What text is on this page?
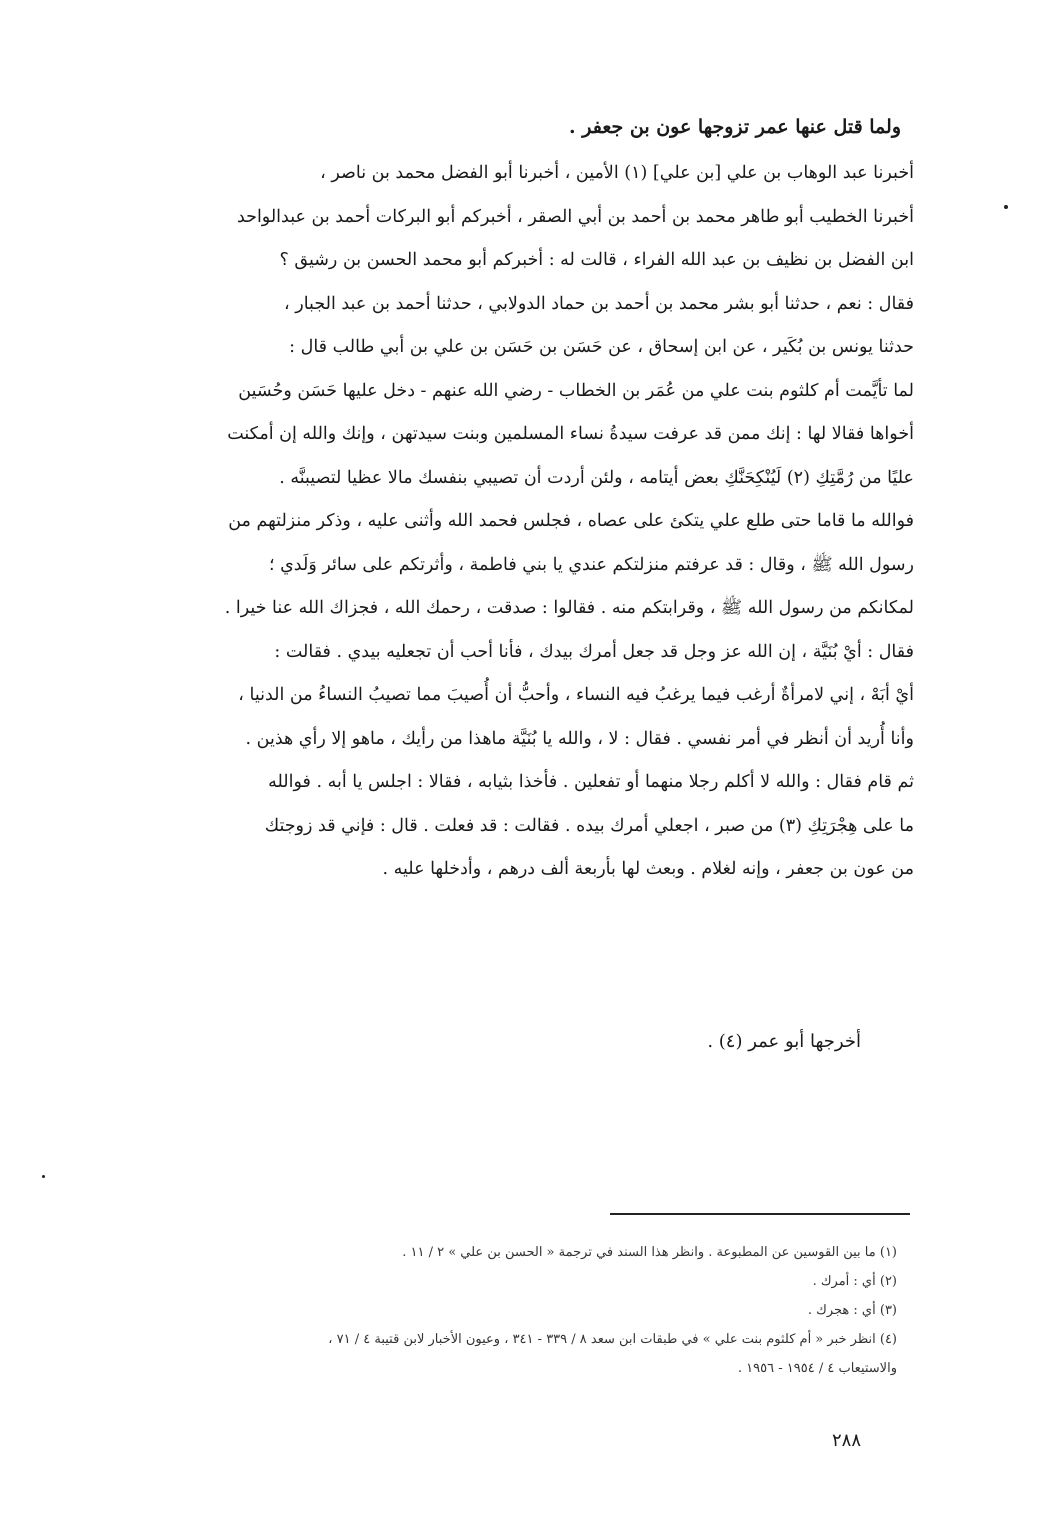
ولما قتل عنها عمر تزوجها عون بن جعفر .
أخبرنا عبد الوهاب بن علي [بن علي] (١) الأمين ، أخبرنا أبو الفضل محمد بن ناصر ،
أخبرنا الخطيب أبو طاهر محمد بن أحمد بن أبي الصقر ، أخبركم أبو البركات أحمد بن عبدالواحد
ابن الفضل بن نظيف بن عبد الله الفراء ، قالت له : أخبركم أبو محمد الحسن بن رشيق ؟
فقال : نعم ، حدثنا أبو بشر محمد بن أحمد بن حماد الدولابي ، حدثنا أحمد بن عبد الجبار ،
حدثنا يونس بن بُكَير ، عن ابن إسحاق ، عن حَسَن بن حَسَن بن علي بن أبي طالب قال :
لما تأيَّمت أم كلثوم بنت علي من عُمَر بن الخطاب - رضي الله عنهم - دخل عليها حَسَن وحُسَين
أخواها فقالا لها : إنك ممن قد عرفت سيدةُ نساء المسلمين وبنت سيدتهن ، وإنك والله إن أمكنت
عليًا من رُمَّتِكِ (٢) لَيُنْكِحَنَّكِ بعض أيتامه ، ولئن أردت أن تصيبي بنفسك مالا عظيا لتصيبنَّه .
فوالله ما قاما حتى طلع علي يتكئ على عصاه ، فجلس فحمد الله وأثنى عليه ، وذكر منزلتهم من
رسول الله ﷺ ، وقال : قد عرفتم منزلتكم عندي يا بني فاطمة ، وأثرتكم على سائر وَلَدي ؛
لمكانكم من رسول الله ﷺ ، وقرابتكم منه . فقالوا : صدقت ، رحمك الله ، فجزاك الله عنا خيرا .
فقال : أيْ بُنَيَّة ، إن الله عز وجل قد جعل أمرك بيدك ، فأنا أحب أن تجعليه بيدي . فقالت :
أيْ أبَهْ ، إني لامرأةٌ أرغب فيما يرغبُ فيه النساء ، وأحبُّ أن أُصيبَ مما تصيبُ النساءُ من الدنيا ،
وأنا أُريد أن أنظر في أمر نفسي . فقال : لا ، والله يا بُنَيَّة ماهذا من رأيك ، ماهو إلا رأي هذين .
ثم قام فقال : والله لا أكلم رجلا منهما أو تفعلين . فأخذا بثيابه ، فقالا : اجلس يا أبه . فوالله
ما على هِجْرَتِكِ (٣) من صبر ، اجعلي أمرك بيده . فقالت : قد فعلت . قال : فإني قد زوجتك
من عون بن جعفر ، وإنه لغلام . وبعث لها بأربعة ألف درهم ، وأدخلها عليه .
أخرجها أبو عمر (٤) .
(١) ما بين القوسين عن المطبوعة . وانظر هذا السند في ترجمة « الحسن بن علي » ٢ / ١١ .
(٢) أي : أمرك .
(٣) أي : هجرك .
(٤) انظر خبر « أم كلثوم بنت علي » في طبقات ابن سعد ٨ / ٣٣٩ - ٣٤١ ، وعيون الأخبار لابن قتيبة ٤ / ٧١ ،
والاستيعاب ٤ / ١٩٥٤ - ١٩٥٦ .
٢٨٨
